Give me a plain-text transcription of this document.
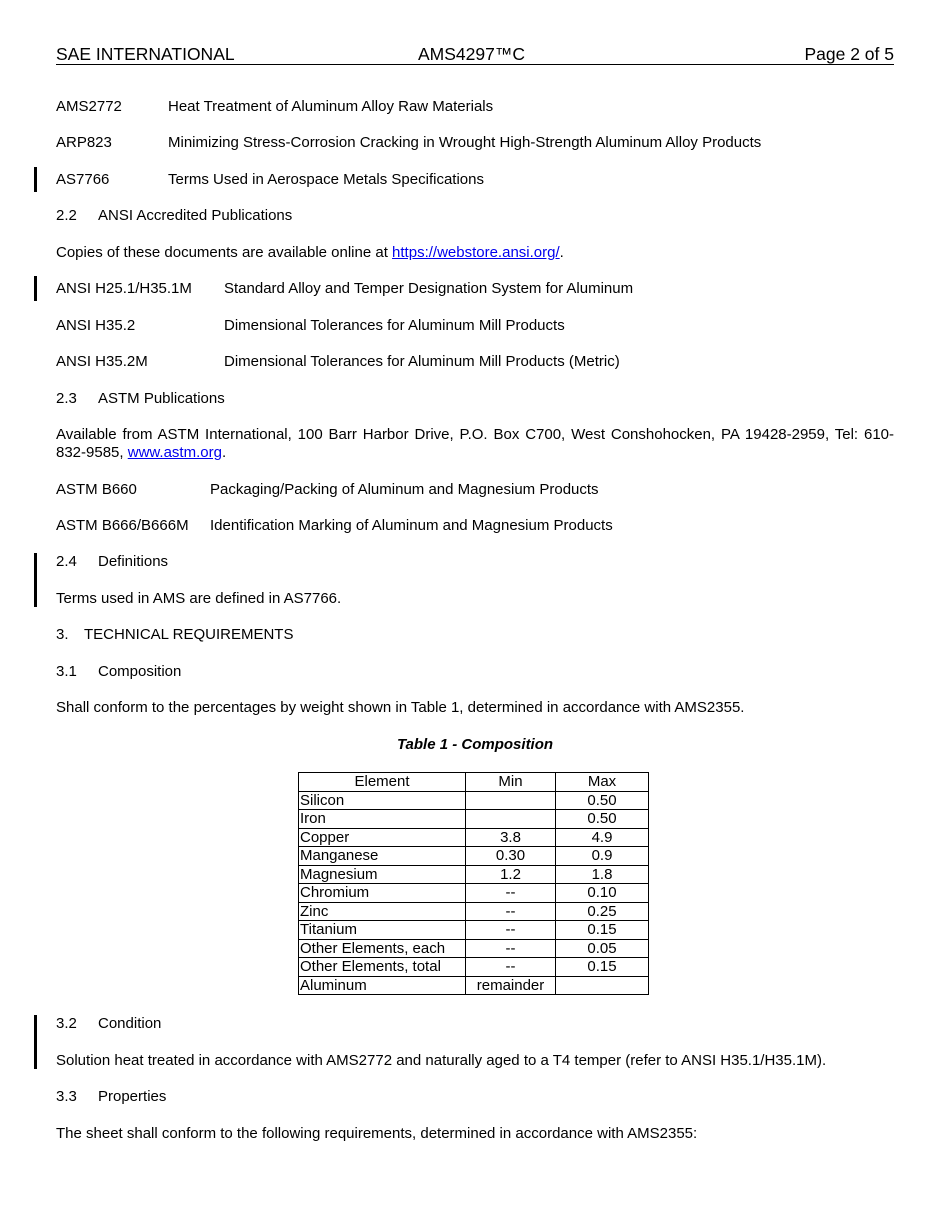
SAE INTERNATIONAL	AMS4297™C	Page 2 of 5
AMS2772	Heat Treatment of Aluminum Alloy Raw Materials
ARP823	Minimizing Stress-Corrosion Cracking in Wrought High-Strength Aluminum Alloy Products
AS7766	Terms Used in Aerospace Metals Specifications
2.2 ANSI Accredited Publications
Copies of these documents are available online at https://webstore.ansi.org/.
ANSI H25.1/H35.1M Standard Alloy and Temper Designation System for Aluminum
ANSI H35.2	Dimensional Tolerances for Aluminum Mill Products
ANSI H35.2M	Dimensional Tolerances for Aluminum Mill Products (Metric)
2.3 ASTM Publications
Available from ASTM International, 100 Barr Harbor Drive, P.O. Box C700, West Conshohocken, PA 19428-2959, Tel: 610-832-9585, www.astm.org.
ASTM B660	Packaging/Packing of Aluminum and Magnesium Products
ASTM B666/B666M Identification Marking of Aluminum and Magnesium Products
2.4 Definitions
Terms used in AMS are defined in AS7766.
3. TECHNICAL REQUIREMENTS
3.1 Composition
Shall conform to the percentages by weight shown in Table 1, determined in accordance with AMS2355.
Table 1 - Composition
Element	Min	Max
Silicon		0.50
Iron		0.50
Copper	3.8	4.9
Manganese	0.30	0.9
Magnesium	1.2	1.8
Chromium	--	0.10
Zinc	--	0.25
Titanium	--	0.15
Other Elements, each	--	0.05
Other Elements, total	--	0.15
Aluminum	remainder	
3.2 Condition
Solution heat treated in accordance with AMS2772 and naturally aged to a T4 temper (refer to ANSI H35.1/H35.1M).
3.3 Properties
The sheet shall conform to the following requirements, determined in accordance with AMS2355:
